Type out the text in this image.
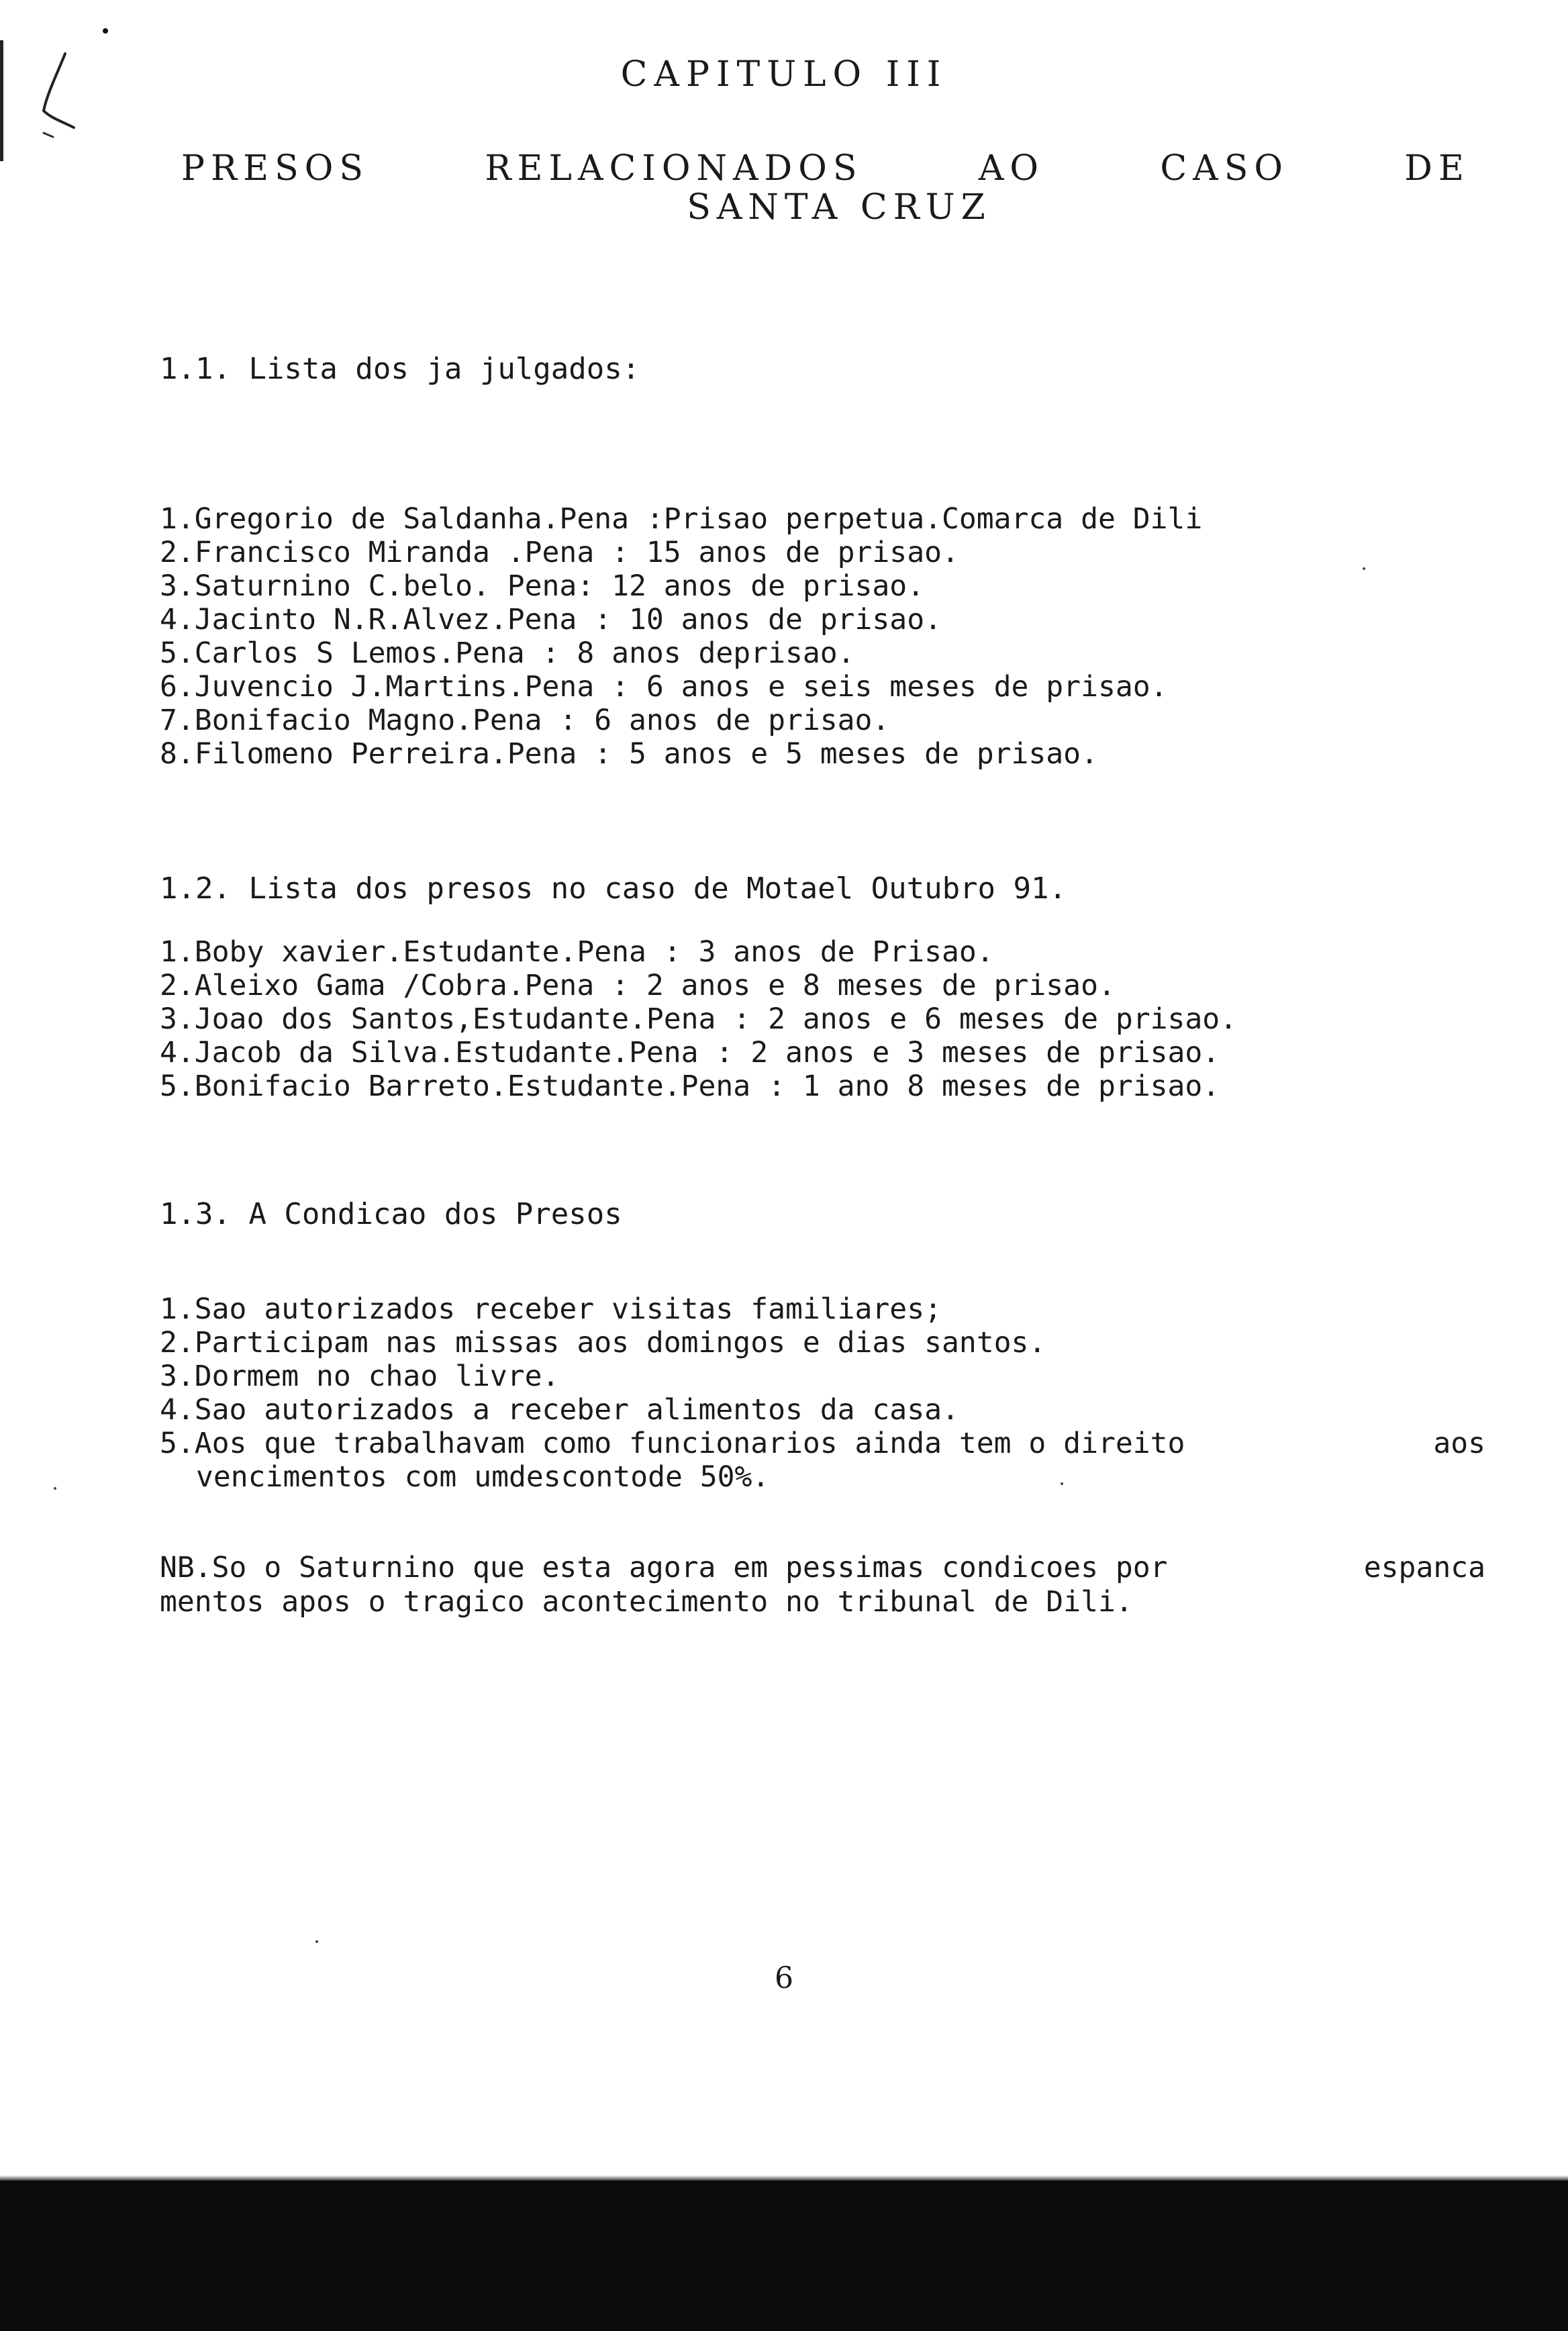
CAPITULO III
PRESOS	RELACIONADOS	AO	CASO	DE
SANTA CRUZ
1.1. Lista dos ja julgados:
1.Gregorio de Saldanha.Pena :Prisao perpetua.Comarca de Dili
2.Francisco Miranda .Pena : 15 anos de prisao.
3.Saturnino C.belo. Pena: 12 anos de prisao.
4.Jacinto N.R.Alvez.Pena : 10 anos de prisao.
5.Carlos S Lemos.Pena : 8 anos deprisao.
6.Juvencio J.Martins.Pena : 6 anos e seis meses de prisao.
7.Bonifacio Magno.Pena : 6 anos de prisao.
8.Filomeno Perreira.Pena : 5 anos e 5 meses de prisao.
1.2. Lista dos presos no caso de Motael Outubro 91.
1.Boby xavier.Estudante.Pena : 3 anos de Prisao.
2.Aleixo Gama /Cobra.Pena : 2 anos e 8 meses de prisao.
3.Joao dos Santos,Estudante.Pena : 2 anos e 6 meses de prisao.
4.Jacob da Silva.Estudante.Pena : 2 anos e 3 meses de prisao.
5.Bonifacio Barreto.Estudante.Pena : 1 ano 8 meses de prisao.
1.3. A Condicao dos Presos
1.Sao autorizados receber visitas familiares;
2.Participam nas missas aos domingos e dias santos.
3.Dormem no chao livre.
4.Sao autorizados a receber alimentos da casa.
5.Aos que trabalhavam como funcionarios ainda tem o direito	aos
vencimentos com umdescontode 50%.
NB.So o Saturnino que esta agora em pessimas condicoes por	espanca
mentos apos o tragico acontecimento no tribunal de Dili.
6
